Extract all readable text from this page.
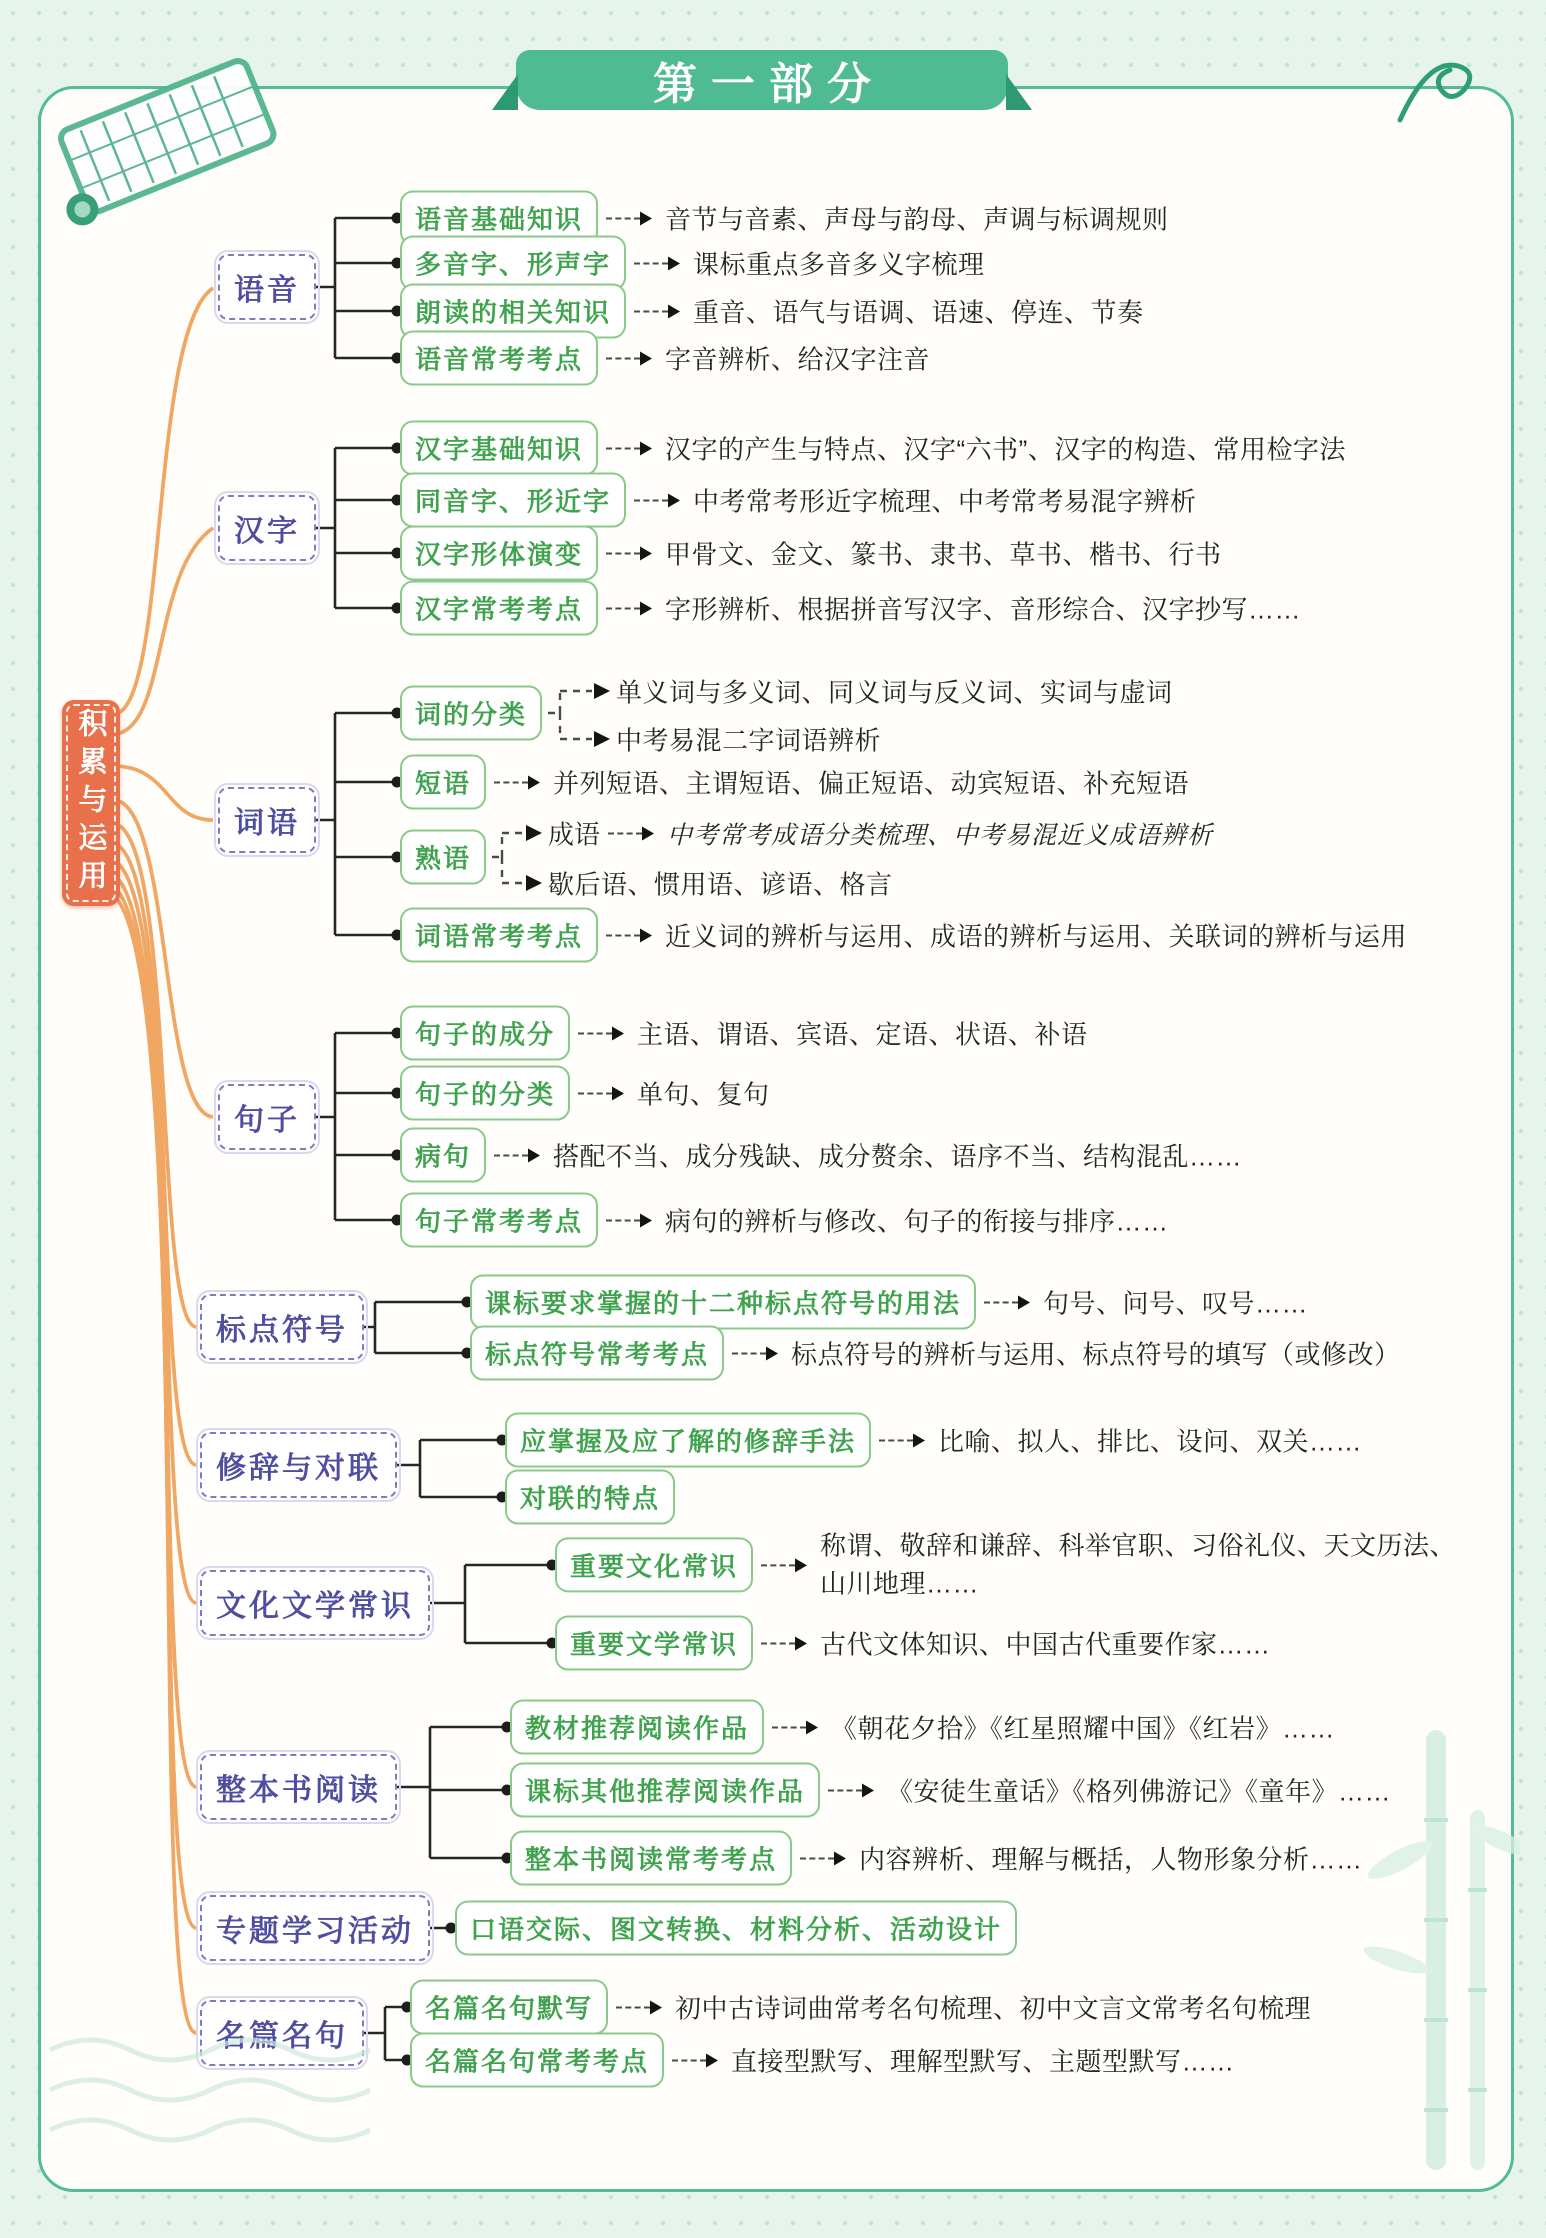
第一部分
积累与运用
语音
汉字
词语
句子
标点符号
修辞与对联
文化文学常识
整本书阅读
专题学习活动
名篇名句
语音基础知识	音节与音素、声母与韵母、声调与标调规则
多音字、形声字	课标重点多音多义字梳理
朗读的相关知识	重音、语气与语调、语速、停连、节奏
语音常考考点	字音辨析、给汉字注音
汉字基础知识	汉字的产生与特点、汉字“六书”、汉字的构造、常用检字法
同音字、形近字	中考常考形近字梳理、中考常考易混字辨析
汉字形体演变	甲骨文、金文、篆书、隶书、草书、楷书、行书
汉字常考考点	字形辨析、根据拼音写汉字、音形综合、汉字抄写……
词的分类
单义词与多义词、同义词与反义词、实词与虚词
中考易混二字词语辨析
短语	并列短语、主谓短语、偏正短语、动宾短语、补充短语
熟语
成语	中考常考成语分类梳理、中考易混近义成语辨析
歇后语、惯用语、谚语、格言
词语常考考点	近义词的辨析与运用、成语的辨析与运用、关联词的辨析与运用
句子的成分	主语、谓语、宾语、定语、状语、补语
句子的分类	单句、复句
病句	搭配不当、成分残缺、成分赘余、语序不当、结构混乱……
句子常考考点	病句的辨析与修改、句子的衔接与排序……
课标要求掌握的十二种标点符号的用法	句号、问号、叹号……
标点符号常考考点	标点符号的辨析与运用、标点符号的填写（或修改）
应掌握及应了解的修辞手法	比喻、拟人、排比、设问、双关……
对联的特点
重要文化常识
称谓、敬辞和谦辞、科举官职、习俗礼仪、天文历法、山川地理……
重要文学常识	古代文体知识、中国古代重要作家……
教材推荐阅读作品	《朝花夕拾》《红星照耀中国》《红岩》……
课标其他推荐阅读作品	《安徒生童话》《格列佛游记》《童年》……
整本书阅读常考考点	内容辨析、理解与概括，人物形象分析……
口语交际、图文转换、材料分析、活动设计
名篇名句默写	初中古诗词曲常考名句梳理、初中文言文常考名句梳理
名篇名句常考考点	直接型默写、理解型默写、主题型默写……
